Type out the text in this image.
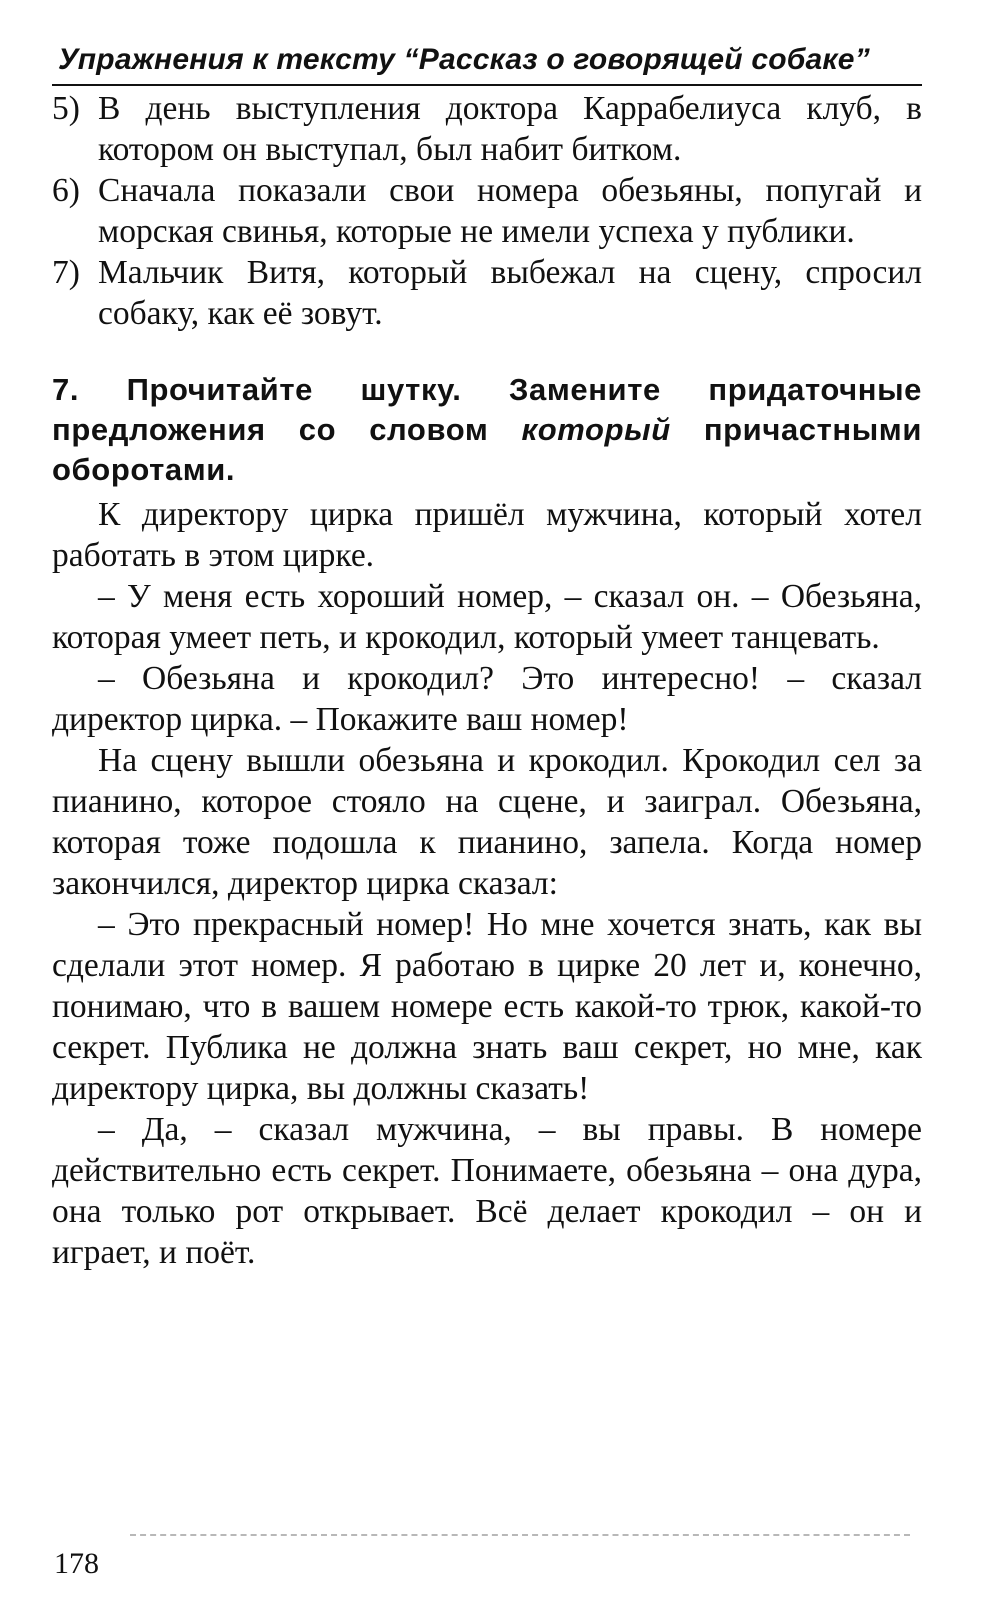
Упражнения к тексту “Рассказ о говорящей собаке”
5) В день выступления доктора Каррабелиуса клуб, в котором он выступал, был набит битком.
6) Сначала показали свои номера обезьяны, попугай и морская свинья, которые не имели успеха у публики.
7) Мальчик Витя, который выбежал на сцену, спросил собаку, как её зовут.
7. Прочитайте шутку. Замените придаточные предложения со словом который причастными оборотами.

К директору цирка пришёл мужчина, который хотел работать в этом цирке.

– У меня есть хороший номер, – сказал он. – Обезьяна, которая умеет петь, и крокодил, который умеет танцевать.

– Обезьяна и крокодил? Это интересно! – сказал директор цирка. – Покажите ваш номер!

На сцену вышли обезьяна и крокодил. Крокодил сел за пианино, которое стояло на сцене, и заиграл. Обезьяна, которая тоже подошла к пианино, запела. Когда номер закончился, директор цирка сказал:

– Это прекрасный номер! Но мне хочется знать, как вы сделали этот номер. Я работаю в цирке 20 лет и, конечно, понимаю, что в вашем номере есть какой-то трюк, какой-то секрет. Публика не должна знать ваш секрет, но мне, как директору цирка, вы должны сказать!

– Да, – сказал мужчина, – вы правы. В номере действительно есть секрет. Понимаете, обезьяна – она дура, она только рот открывает. Всё делает крокодил – он и играет, и поёт.

178
